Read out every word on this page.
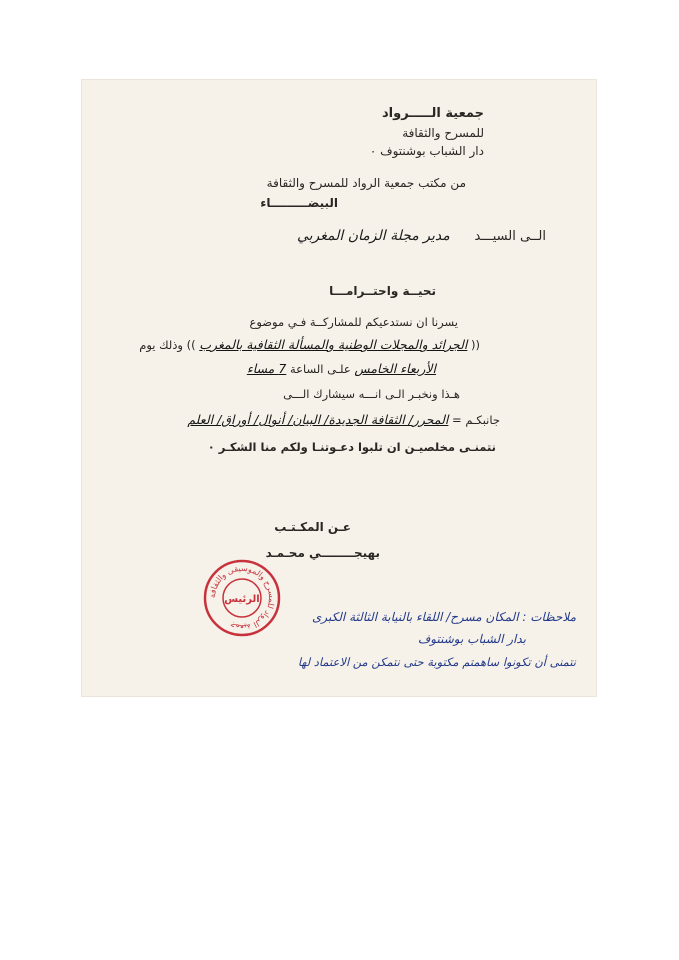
جمعية الـــــرواد
للمسرح والثقافة
دار الشباب بوشنتوف ٠
من مكتب جمعية الرواد للمسرح والثقافة
البيضـــــــــاء
الــى السيـــد      مدير مجلة الزمان المغربي
تحيــة واحتــرامـــا
يسرنا ان نستدعيكم للمشاركــة فـي موضوع
(( الجرائد والمجلات الوطنية والمسألة الثقافية بالمغرب )) وذلك يوم
الأربعاء الخامس علـى الساعة 7 مساء
هـذا ونخبـر الـى انـــه سيشارك الـــى
جانبكـم = المحرر/ الثقافة الجديدة/ البيان/ أنوال/ أوراق/ العلم
نتمنـى مخلصيـن ان تلبوا دعـوتنـا ولكم منا الشكـر ٠
عـن المكـتـب
بهيجــــــــي محـمـد
جمعية الرواد للمسرح والموسيقى والثقافة
الرئيس
ملاحظات : المكان مسرح/ اللقاء بالنيابة الثالثة الكبرى
بدار الشباب بوشنتوف
نتمنى أن تكونوا ساهمتم مكتوبة حتى نتمكن من الاعتماد لها
